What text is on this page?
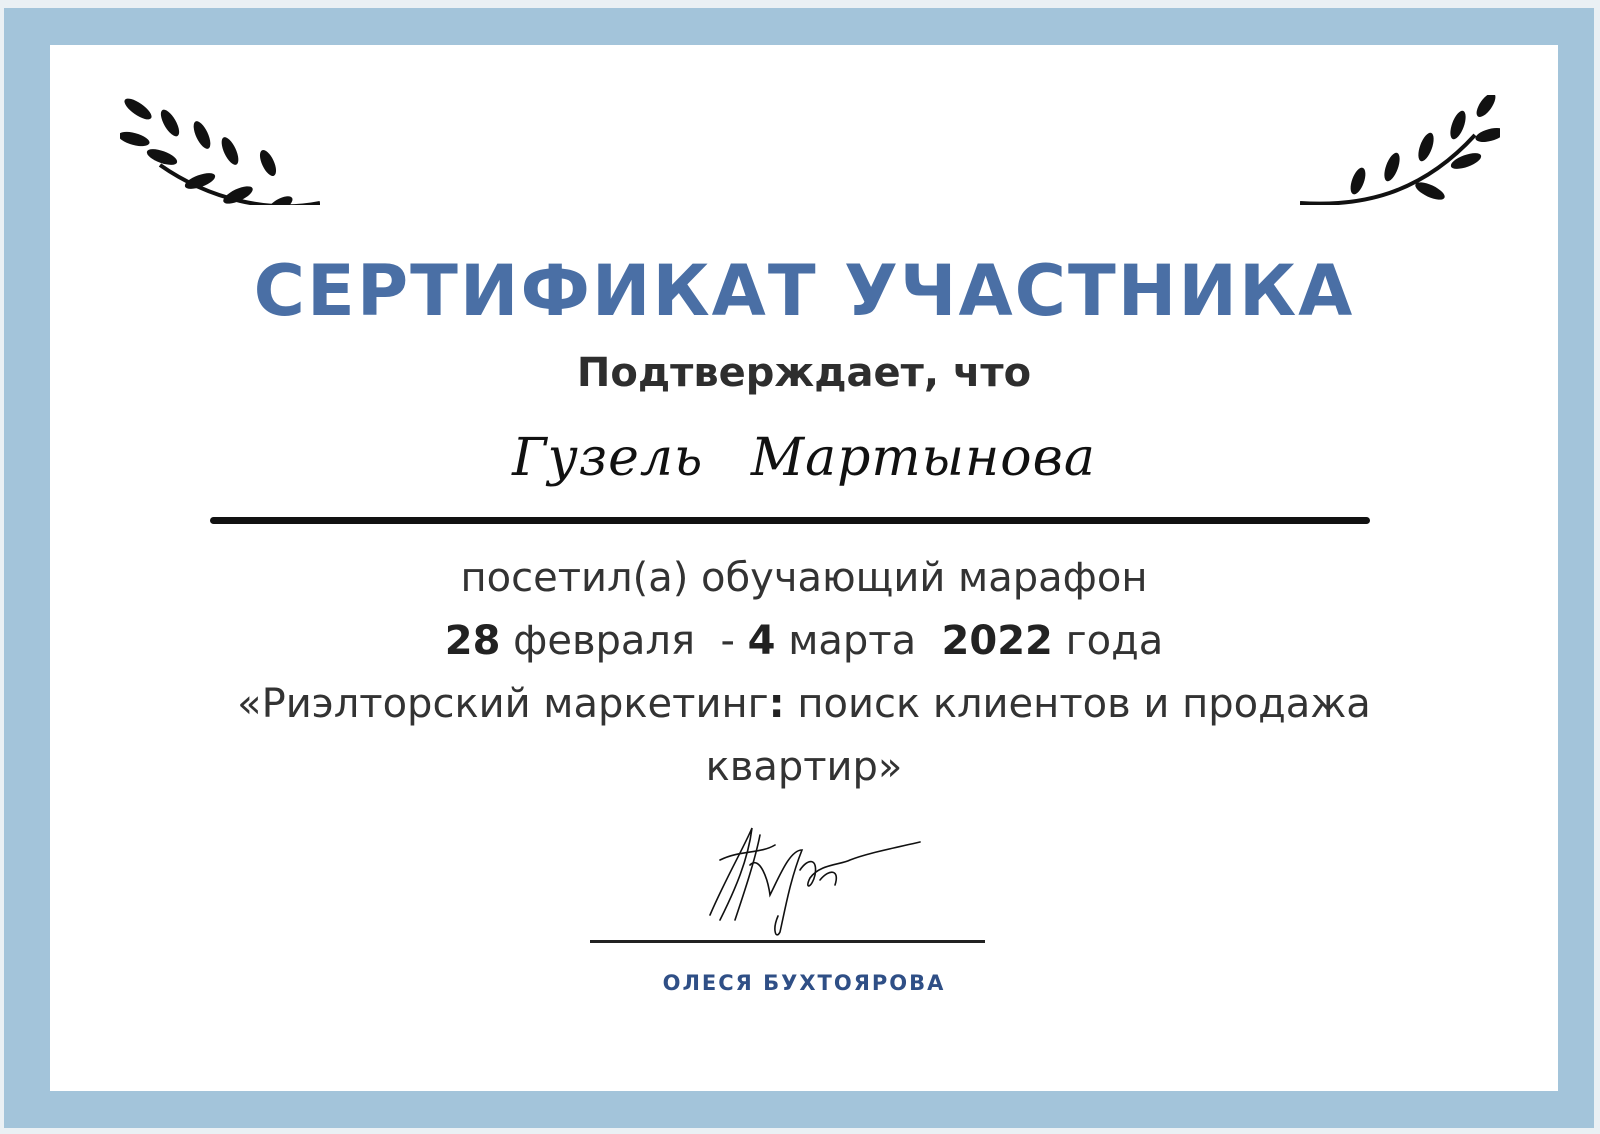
СЕРТИФИКАТ УЧАСТНИКА
Подтверждает, что
Гузель Мартынова
посетил(а) обучающий марафон
28 февраля - 4 марта 2022 года
«Риэлторский маркетинг: поиск клиентов и продажа
квартир»
ОЛЕСЯ БУХТОЯРОВА
